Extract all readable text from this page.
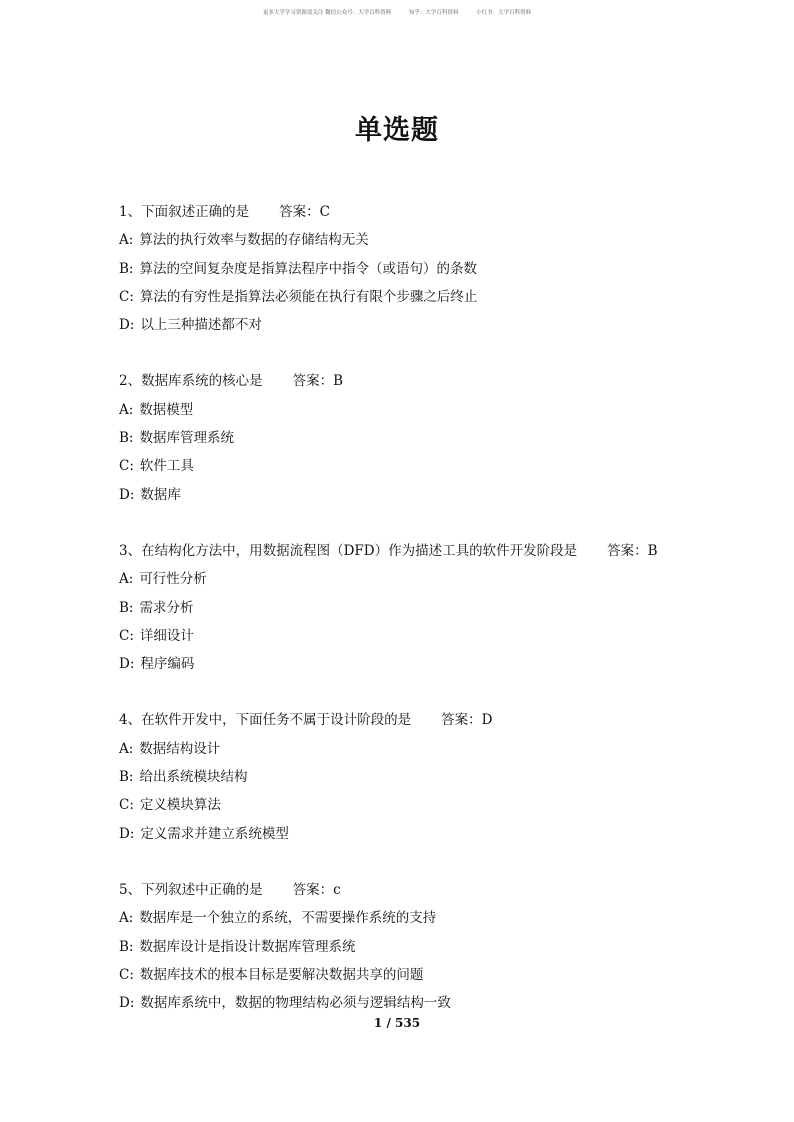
更多大学学习资源请关注 微信公众号：大学百科资料	知乎：大学百科资料	小红书：大学百科资料
单选题
1、下面叙述正确的是 答案：C
A: 算法的执行效率与数据的存储结构无关
B: 算法的空间复杂度是指算法程序中指令（或语句）的条数
C: 算法的有穷性是指算法必须能在执行有限个步骤之后终止
D: 以上三种描述都不对
2、数据库系统的核心是 答案：B
A: 数据模型
B: 数据库管理系统
C: 软件工具
D: 数据库
3、在结构化方法中，用数据流程图（DFD）作为描述工具的软件开发阶段是 答案：B
A: 可行性分析
B: 需求分析
C: 详细设计
D: 程序编码
4、在软件开发中，下面任务不属于设计阶段的是 答案：D
A: 数据结构设计
B: 给出系统模块结构
C: 定义模块算法
D: 定义需求并建立系统模型
5、下列叙述中正确的是 答案：c
A: 数据库是一个独立的系统，不需要操作系统的支持
B: 数据库设计是指设计数据库管理系统
C: 数据库技术的根本目标是要解决数据共享的问题
D: 数据库系统中，数据的物理结构必须与逻辑结构一致
1 / 535
